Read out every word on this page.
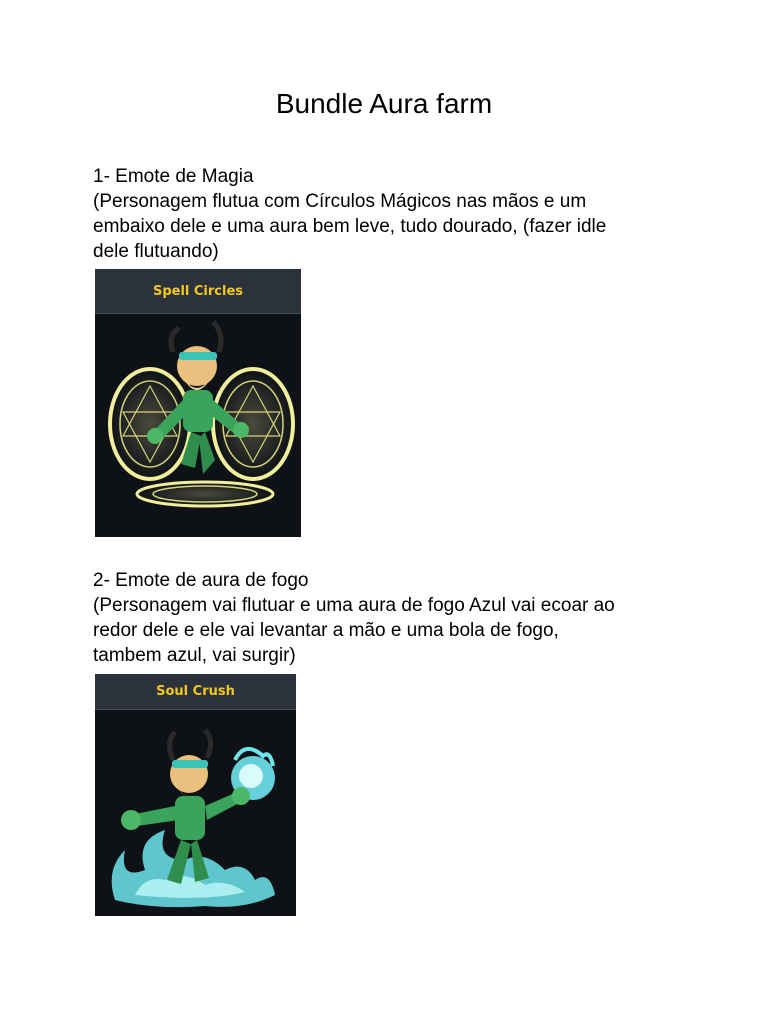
Bundle Aura farm

1- Emote de Magia

(Personagem flutua com Círculos Mágicos nas mãos e um

embaixo dele e uma aura bem leve, tudo dourado, (fazer idle

dele flutuando)

Spell Circles

2- Emote de aura de fogo

(Personagem vai flutuar e uma aura de fogo Azul vai ecoar ao

redor dele e ele vai levantar a mão e uma bola de fogo,

tambem azul, vai surgir)

Soul Crush
